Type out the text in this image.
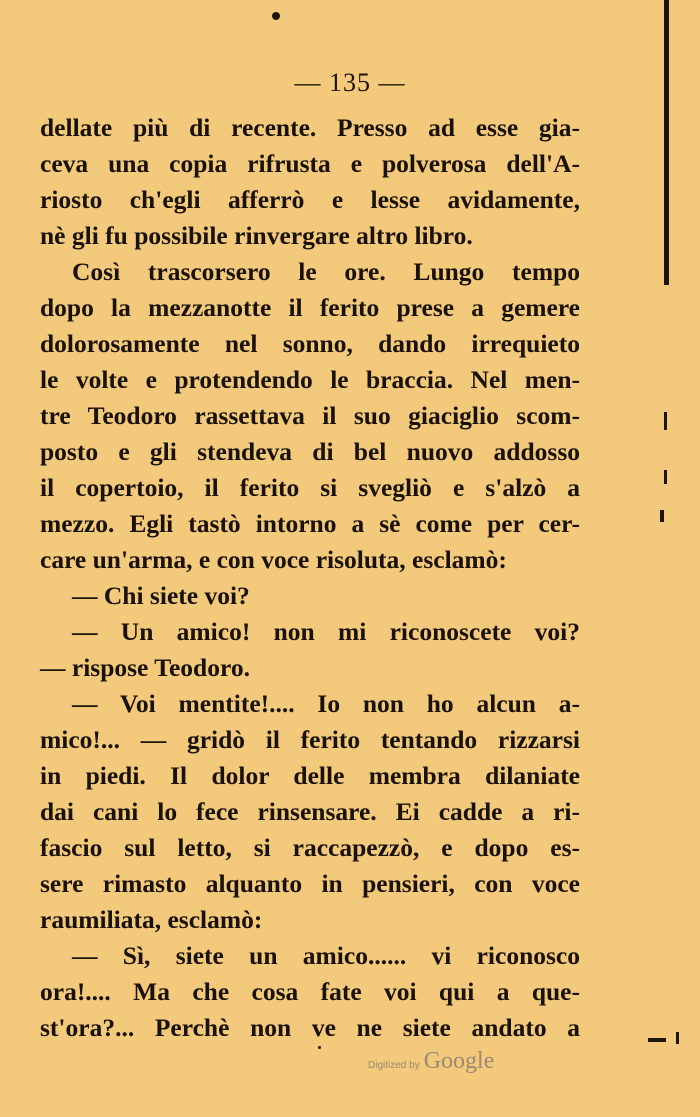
— 135 —
dellate più di recente. Presso ad esse gia-
ceva una copia rifrusta e polverosa dell'A-
riosto ch'egli afferrò e lesse avidamente,
nè gli fu possibile rinvergare altro libro.
Così trascorsero le ore. Lungo tempo
dopo la mezzanotte il ferito prese a gemere
dolorosamente nel sonno, dando irrequieto
le volte e protendendo le braccia. Nel men-
tre Teodoro rassettava il suo giaciglio scom-
posto e gli stendeva di bel nuovo addosso
il copertoio, il ferito si svegliò e s'alzò a
mezzo. Egli tastò intorno a sè come per cer-
care un'arma, e con voce risoluta, esclamò:
— Chi siete voi?
— Un amico! non mi riconoscete voi?
— rispose Teodoro.
— Voi mentite!.... Io non ho alcun a-
mico!... — gridò il ferito tentando rizzarsi
in piedi. Il dolor delle membra dilaniate
dai cani lo fece rinsensare. Ei cadde a ri-
fascio sul letto, si raccapezzò, e dopo es-
sere rimasto alquanto in pensieri, con voce
raumiliata, esclamò:
— Sì, siete un amico...... vi riconosco
ora!.... Ma che cosa fate voi qui a que-
st'ora?... Perchè non ve ne siete andato a
Digitized by Google
